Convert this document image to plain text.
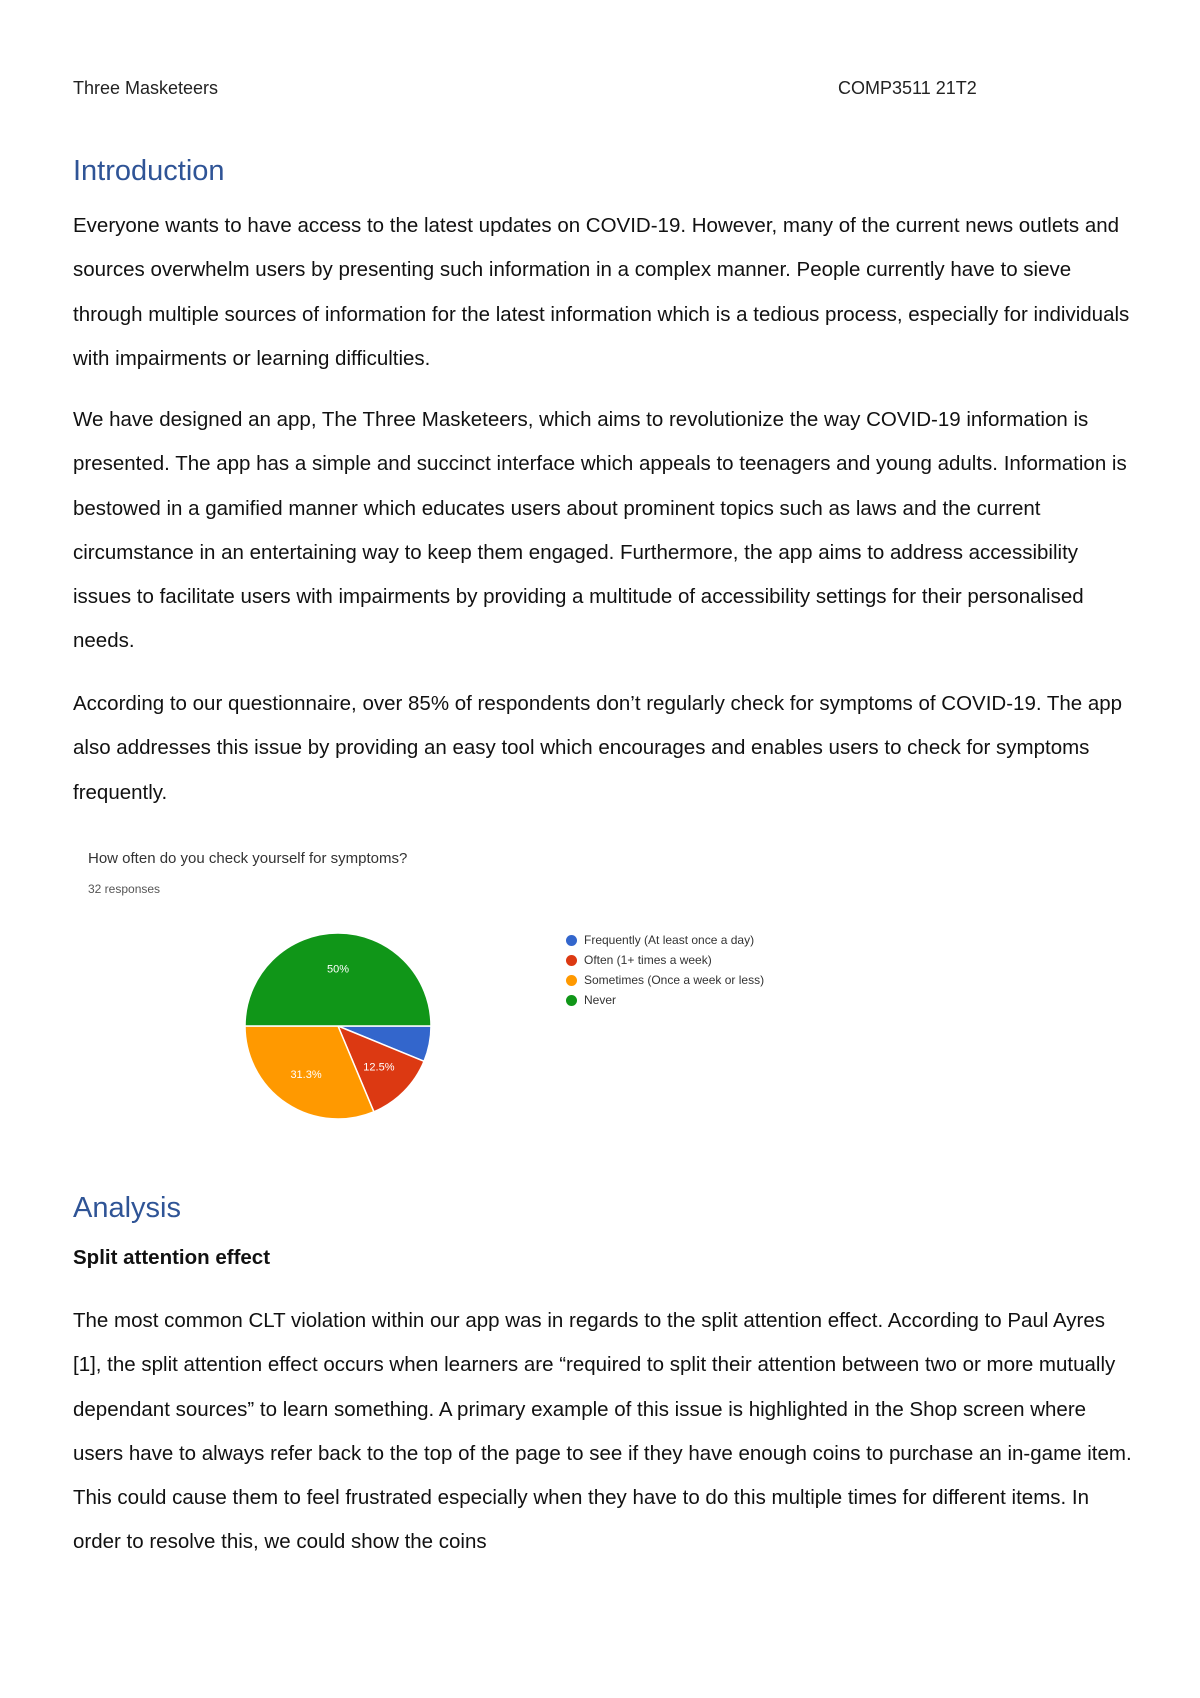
Three Masketeers	COMP3511 21T2
Introduction

Everyone wants to have access to the latest updates on COVID-19. However, many of the current news outlets and sources overwhelm users by presenting such information in a complex manner. People currently have to sieve through multiple sources of information for the latest information which is a tedious process, especially for individuals with impairments or learning difficulties.

We have designed an app, The Three Masketeers, which aims to revolutionize the way COVID-19 information is presented. The app has a simple and succinct interface which appeals to teenagers and young adults. Information is bestowed in a gamified manner which educates users about prominent topics such as laws and the current circumstance in an entertaining way to keep them engaged. Furthermore, the app aims to address accessibility issues to facilitate users with impairments by providing a multitude of accessibility settings for their personalised needs.

According to our questionnaire, over 85% of respondents don’t regularly check for symptoms of COVID-19. The app also addresses this issue by providing an easy tool which encourages and enables users to check for symptoms frequently.

12.5%
31.3%
50%
How often do you check yourself for symptoms?
32 responses
Frequently (At least once a day)
Often (1+ times a week)
Sometimes (Once a week or less)
Never
Analysis
Split attention effect

The most common CLT violation within our app was in regards to the split attention effect. According to Paul Ayres [1], the split attention effect occurs when learners are “required to split their attention between two or more mutually dependant sources” to learn something. A primary example of this issue is highlighted in the Shop screen where users have to always refer back to the top of the page to see if they have enough coins to purchase an in-game item. This could cause them to feel frustrated especially when they have to do this multiple times for different items. In order to resolve this, we could show the coins
